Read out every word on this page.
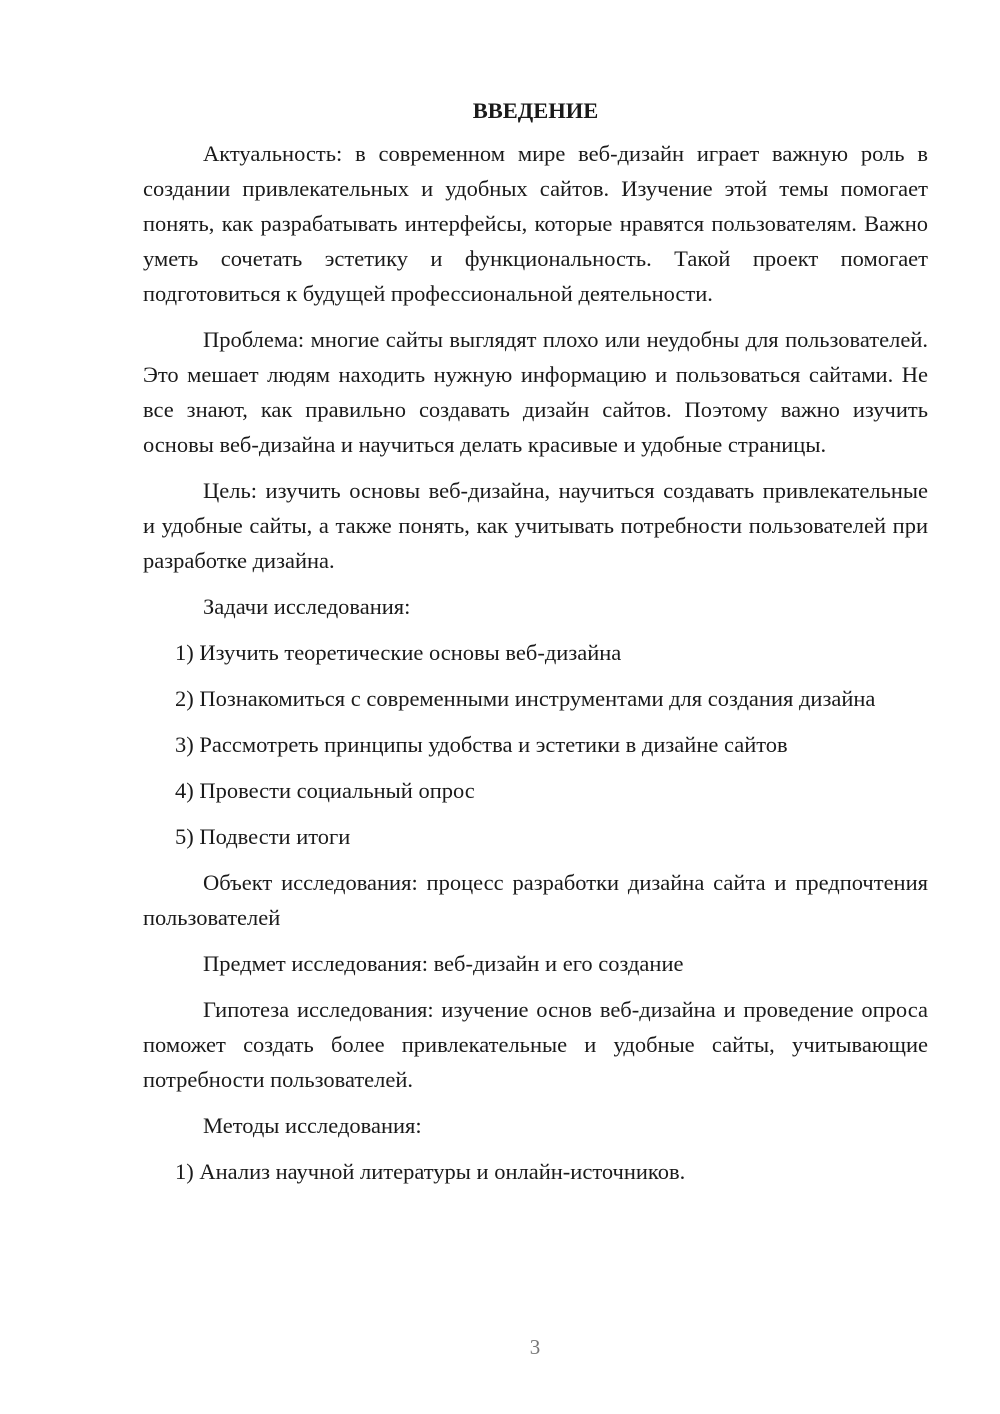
ВВЕДЕНИЕ

Актуальность: в современном мире веб-дизайн играет важную роль в создании привлекательных и удобных сайтов. Изучение этой темы помогает понять, как разрабатывать интерфейсы, которые нравятся пользователям. Важно уметь сочетать эстетику и функциональность. Такой проект помогает подготовиться к будущей профессиональной деятельности.

Проблема: многие сайты выглядят плохо или неудобны для пользователей. Это мешает людям находить нужную информацию и пользоваться сайтами. Не все знают, как правильно создавать дизайн сайтов. Поэтому важно изучить основы веб-дизайна и научиться делать красивые и удобные страницы.

Цель: изучить основы веб-дизайна, научиться создавать привлекательные и удобные сайты, а также понять, как учитывать потребности пользователей при разработке дизайна.

Задачи исследования:

1) Изучить теоретические основы веб-дизайна

2) Познакомиться с современными инструментами для создания дизайна

3) Рассмотреть принципы удобства и эстетики в дизайне сайтов

4) Провести социальный опрос

5) Подвести итоги

Объект исследования: процесс разработки дизайна сайта и предпочтения пользователей

Предмет исследования: веб-дизайн и его создание

Гипотеза исследования: изучение основ веб-дизайна и проведение опроса поможет создать более привлекательные и удобные сайты, учитывающие потребности пользователей.

Методы исследования:

1) Анализ научной литературы и онлайн-источников.

3
